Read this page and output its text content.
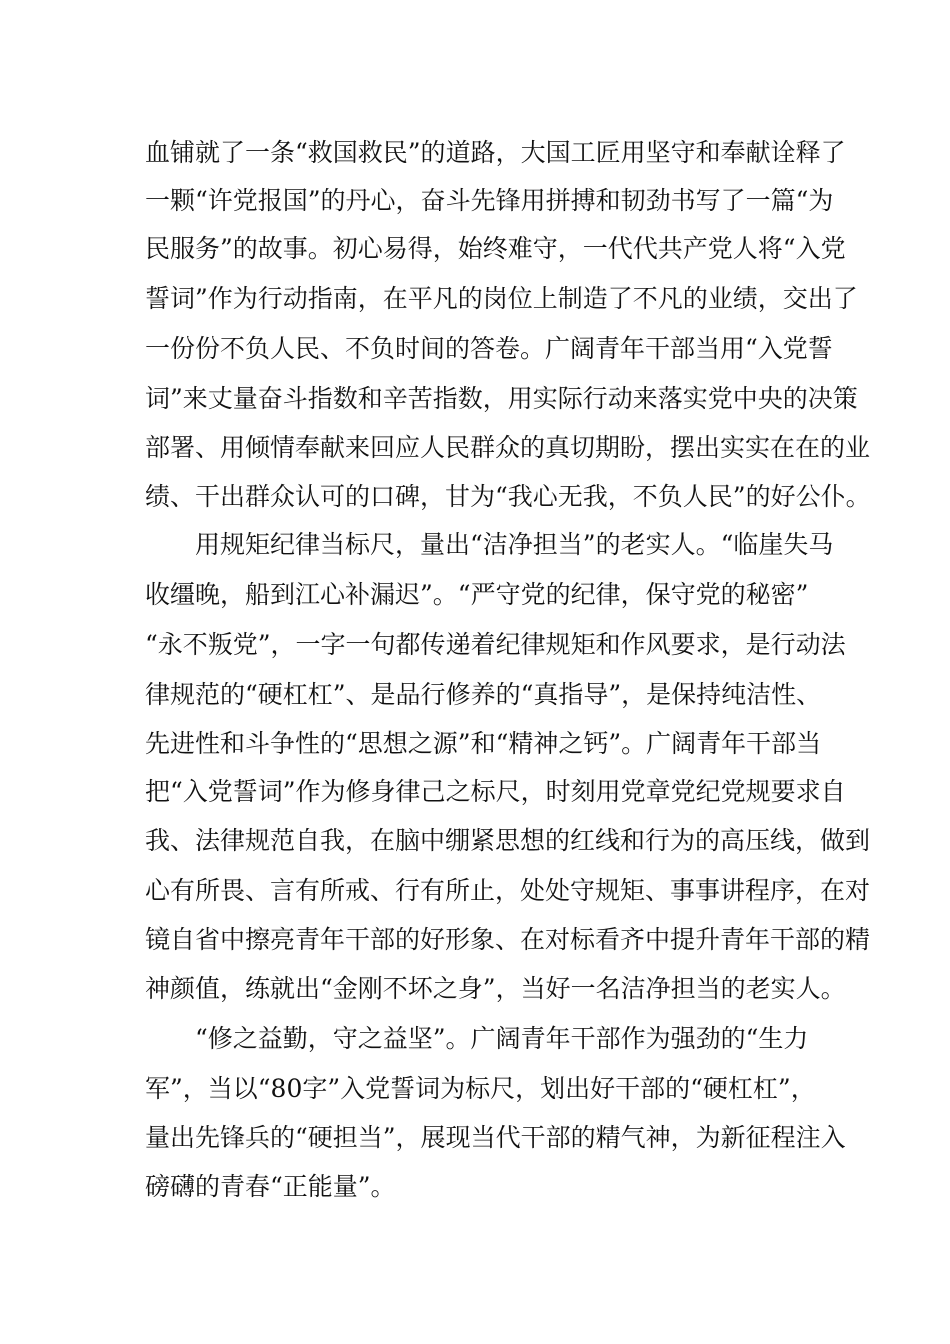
血铺就了一条“救国救民”的道路，大国工匠用坚守和奉献诠释了
一颗“许党报国”的丹心，奋斗先锋用拼搏和韧劲书写了一篇“为
民服务”的故事。初心易得，始终难守，一代代共产党人将“入党
誓词”作为行动指南，在平凡的岗位上制造了不凡的业绩，交出了
一份份不负人民、不负时间的答卷。广阔青年干部当用“入党誓
词”来丈量奋斗指数和辛苦指数，用实际行动来落实党中央的决策
部署、用倾情奉献来回应人民群众的真切期盼，摆出实实在在的业
绩、干出群众认可的口碑，甘为“我心无我，不负人民”的好公仆。
用规矩纪律当标尺，量出“洁净担当”的老实人。“临崖失马
收缰晚，船到江心补漏迟”。“严守党的纪律，保守党的秘密”
“永不叛党”，一字一句都传递着纪律规矩和作风要求，是行动法
律规范的“硬杠杠”、是品行修养的“真指导”，是保持纯洁性、
先进性和斗争性的“思想之源”和“精神之钙”。广阔青年干部当
把“入党誓词”作为修身律己之标尺，时刻用党章党纪党规要求自
我、法律规范自我，在脑中绷紧思想的红线和行为的高压线，做到
心有所畏、言有所戒、行有所止，处处守规矩、事事讲程序，在对
镜自省中擦亮青年干部的好形象、在对标看齐中提升青年干部的精
神颜值，练就出“金刚不坏之身”，当好一名洁净担当的老实人。
“修之益勤，守之益坚”。广阔青年干部作为强劲的“生力
军”，当以“80字”入党誓词为标尺，划出好干部的“硬杠杠”，
量出先锋兵的“硬担当”，展现当代干部的精气神，为新征程注入
磅礴的青春“正能量”。
